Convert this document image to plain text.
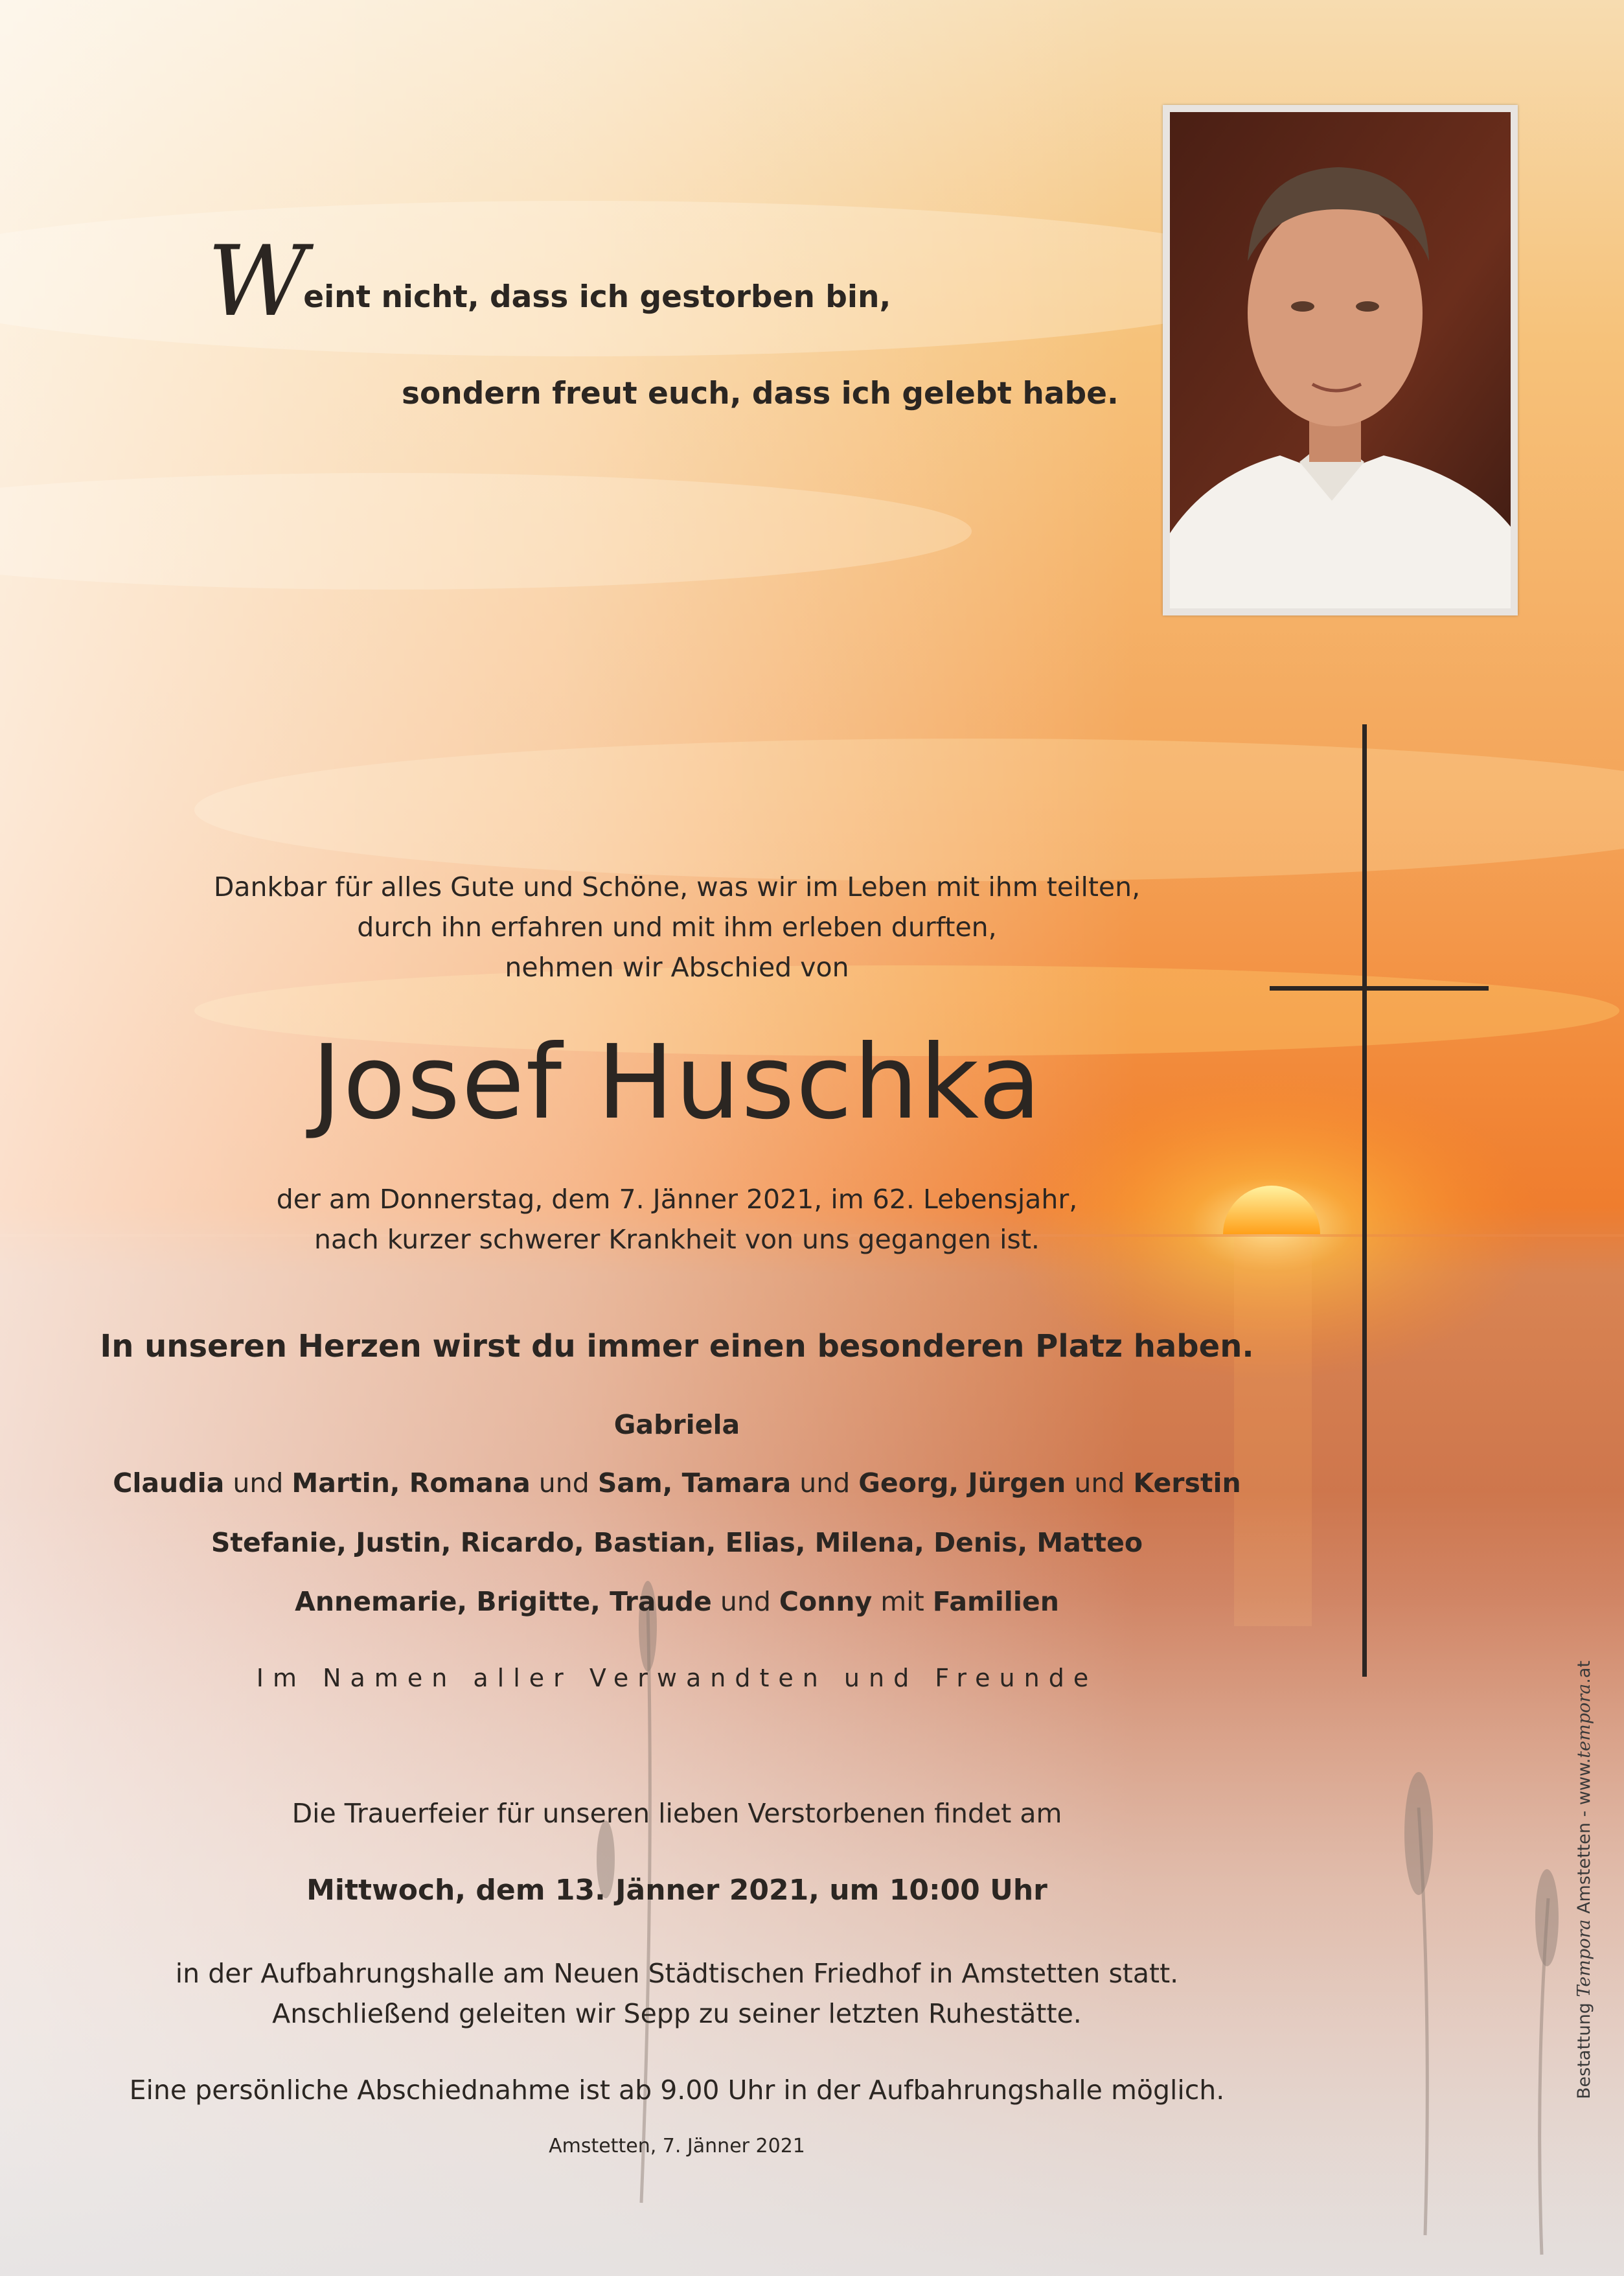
Weint nicht, dass ich gestorben bin,
sondern freut euch, dass ich gelebt habe.
Dankbar für alles Gute und Schöne, was wir im Leben mit ihm teilten,
durch ihn erfahren und mit ihm erleben durften,
nehmen wir Abschied von
Josef Huschka
der am Donnerstag, dem 7. Jänner 2021, im 62. Lebensjahr,
nach kurzer schwerer Krankheit von uns gegangen ist.
In unseren Herzen wirst du immer einen besonderen Platz haben.
Gabriela
Claudia und Martin, Romana und Sam, Tamara und Georg, Jürgen und Kerstin
Stefanie, Justin, Ricardo, Bastian, Elias, Milena, Denis, Matteo
Annemarie, Brigitte, Traude und Conny mit Familien
Im Namen aller Verwandten und Freunde
Die Trauerfeier für unseren lieben Verstorbenen findet am
Mittwoch, dem 13. Jänner 2021, um 10:00 Uhr
in der Aufbahrungshalle am Neuen Städtischen Friedhof in Amstetten statt.
Anschließend geleiten wir Sepp zu seiner letzten Ruhestätte.
Eine persönliche Abschiednahme ist ab 9.00 Uhr in der Aufbahrungshalle möglich.
Amstetten, 7. Jänner 2021
Bestattung Tempora Amstetten - www.tempora.at
